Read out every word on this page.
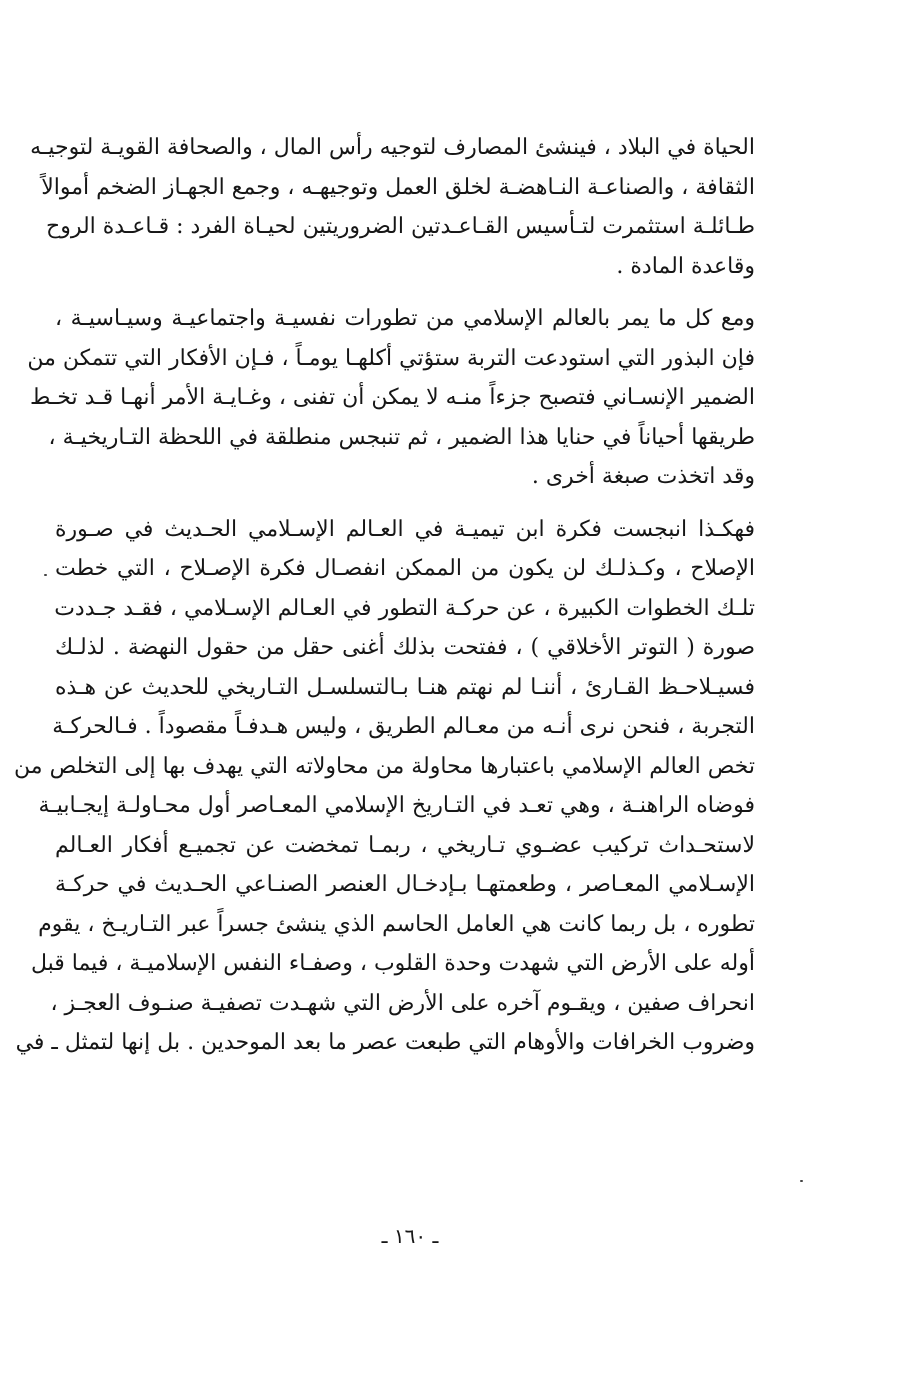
الحياة في البلاد ، فينشئ المصارف لتوجيه رأس المال ، والصحافة القويـة لتوجيـه
الثقافة ، والصناعـة النـاهضـة لخلق العمل وتوجيهـه ، وجمع الجهـاز الضخم أموالاً
طـائلـة استثمرت لتـأسيس القـاعـدتين الضروريتين لحيـاة الفرد : قـاعـدة الروح
وقاعدة المادة .
ومع كل ما يمر بالعالم الإسلامي من تطورات نفسيـة واجتماعيـة وسيـاسيـة ،
فإن البذور التي استودعت التربة ستؤتي أكلهـا يومـاً ، فـإن الأفكار التي تتمكن من
الضمير الإنسـاني فتصبح جزءاً منـه لا يمكن أن تفنى ، وغـايـة الأمر أنهـا قـد تخـط
طريقها أحياناً في حنايا هذا الضمير ، ثم تنبجس منطلقة في اللحظة التـاريخيـة ،
وقد اتخذت صبغة أخرى .
فهكـذا انبجست فكرة ابن تيميـة في العـالم الإسـلامي الحـديث في صـورة
الإصلاح ، وكـذلـك لن يكون من الممكن انفصـال فكرة الإصـلاح ، التي خطت
تلـك الخطوات الكبيرة ، عن حركـة التطور في العـالم الإسـلامي ، فقـد جـددت
صورة ( التوتر الأخلاقي ) ، ففتحت بذلك أغنى حقل من حقول النهضة . لذلـك
فسيـلاحـظ القـارئ ، أننـا لم نهتم هنـا بـالتسلسـل التـاريخي للحديث عن هـذه
التجربة ، فنحن نرى أنـه من معـالم الطريق ، وليس هـدفـاً مقصوداً . فـالحركـة
تخص العالم الإسلامي باعتبارها محاولة من محاولاته التي يهدف بها إلى التخلص من
فوضاه الراهنـة ، وهي تعـد في التـاريخ الإسلامي المعـاصر أول محـاولـة إيجـابيـة
لاستحـداث تركيب عضـوي تـاريخي ، ربمـا تمخضت عن تجميـع أفكار العـالم
الإسـلامي المعـاصر ، وطعمتهـا بـإدخـال العنصر الصنـاعي الحـديث في حركـة
تطوره ، بل ربما كانت هي العامل الحاسم الذي ينشئ جسراً عبر التـاريـخ ، يقوم
أوله على الأرض التي شهدت وحدة القلوب ، وصفـاء النفس الإسلاميـة ، فيما قبل
انحراف صفين ، ويقـوم آخره على الأرض التي شهـدت تصفيـة صنـوف العجـز ،
وضروب الخرافات والأوهام التي طبعت عصر ما بعد الموحدين . بل إنها لتمثل ـ في
ـ ١٦٠ ـ
